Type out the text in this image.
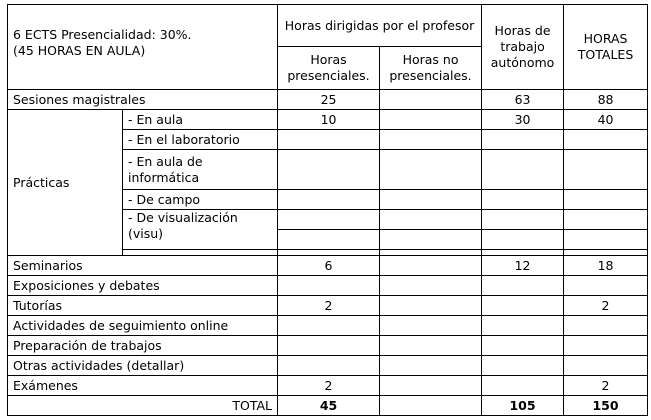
6 ECTS Presencialidad: 30%.
(45 HORAS EN AULA)		Horas dirigidas por el profesor		Horas de trabajo autónomo	HORAS TOTALES
		Horas presenciales.	Horas no presenciales.		
Sesiones magistrales		25		63	88
Prácticas	- En aula	10		30	40
	- En el laboratorio				
	- En aula de informática				
	- De campo				
	- De visualización (visu)				

Seminarios		6		12	18
Exposiciones y debates					
Tutorías		2			2
Actividades de seguimiento online					
Preparación de trabajos					
Otras actividades (detallar)					
Exámenes		2			2
TOTAL		45		105	150
